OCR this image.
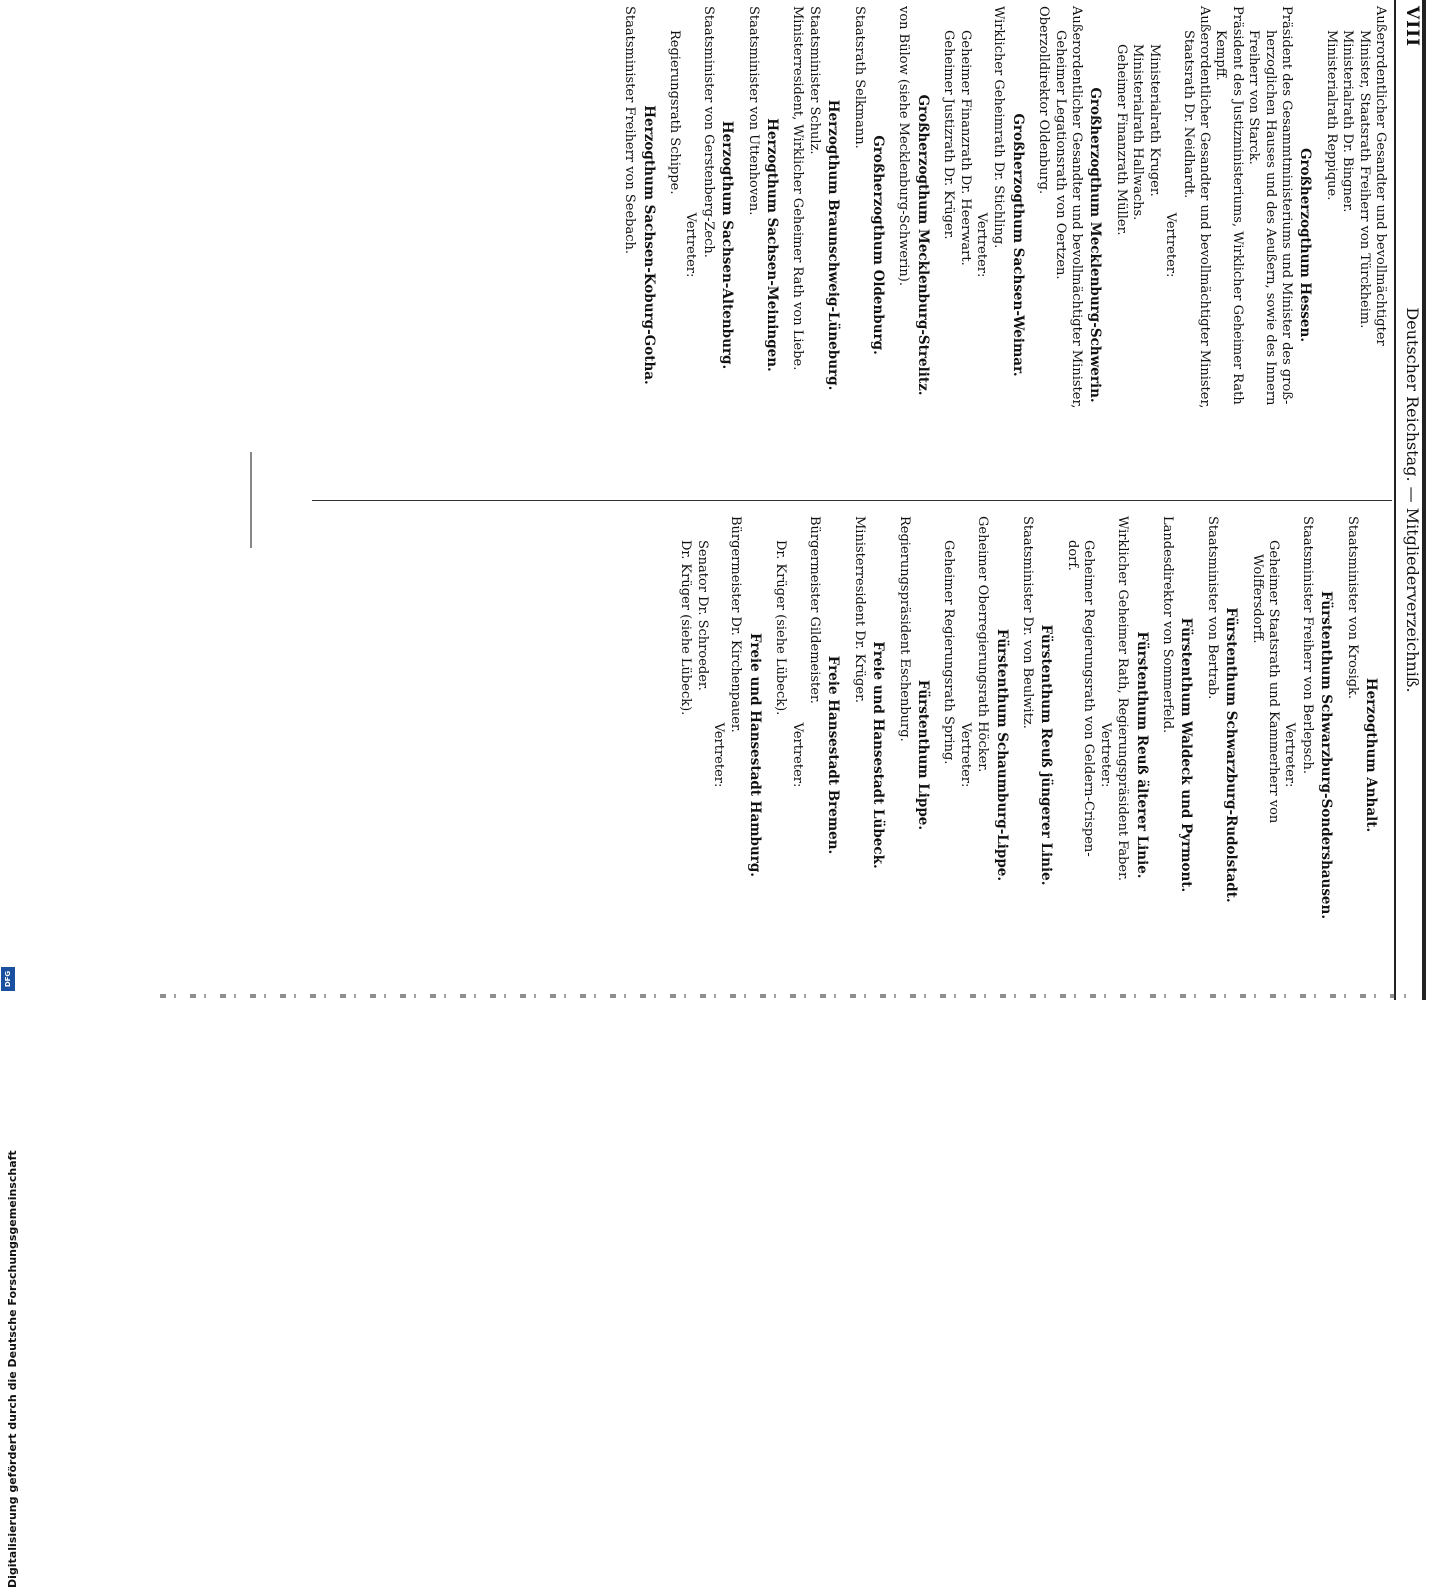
VIII
Deutscher Reichstag. — Mitgliederverzeichniß.
Außerordentlicher Gesandter und bevollmächtigter
Minister, Staatsrath Freiherr von Türckheim.
Ministerialrath Dr. Bingner.
Ministerialrath Reppique.
Großherzogthum Hessen.
Präsident des Gesammtministeriums und Minister des groß-
herzoglichen Hauses und des Aeußern, sowie des Innern
Freiherr von Starck.
Präsident des Justizministeriums, Wirklicher Geheimer Rath
Kempff.
Außerordentlicher Gesandter und bevollmächtigter Minister,
Staatsrath Dr. Neidhardt.
Vertreter:
Ministerialrath Kruger.
Ministerialrath Hallwachs.
Geheimer Finanzrath Müller.
Großherzogthum Mecklenburg-Schwerin.
Außerordentlicher Gesandter und bevollmächtigter Minister,
Geheimer Legationsrath von Oertzen.
Oberzolldirektor Oldenburg.
Großherzogthum Sachsen-Weimar.
Wirklicher Geheimrath Dr. Stichling.
Vertreter:
Geheimer Finanzrath Dr. Heerwart.
Geheimer Justizrath Dr. Krüger.
Großherzogthum Mecklenburg-Strelitz.
von Bülow (siehe Mecklenburg-Schwerin).
Großherzogthum Oldenburg.
Staatsrath Selkmann.
Herzogthum Braunschweig-Lüneburg.
Staatsminister Schulz.
Ministerresident, Wirklicher Geheimer Rath von Liebe.
Herzogthum Sachsen-Meiningen.
Staatsminister von Uttenhoven.
Herzogthum Sachsen-Altenburg.
Staatsminister von Gerstenberg-Zech.
Vertreter:
Regierungsrath Schippe.
Herzogthum Sachsen-Koburg-Gotha.
Staatsminister Freiherr von Seebach.
Herzogthum Anhalt.
Staatsminister von Krosigk.
Fürstenthum Schwarzburg-Sondershausen.
Staatsminister Freiherr von Berlepsch.
Vertreter:
Geheimer Staatsrath und Kammerherr von
Wolffersdorff.
Fürstenthum Schwarzburg-Rudolstadt.
Staatsminister von Bertrab.
Fürstenthum Waldeck und Pyrmont.
Landesdirektor von Sommerfeld.
Fürstenthum Reuß älterer Linie.
Wirklicher Geheimer Rath, Regierungspräsident Faber.
Vertreter:
Geheimer Regierungsrath von Geldern-Crispen-
dorf.
Fürstenthum Reuß jüngerer Linie.
Staatsminister Dr. von Beulwitz.
Fürstenthum Schaumburg-Lippe.
Geheimer Oberregierungsrath Höcker.
Vertreter:
Geheimer Regierungsrath Spring.
Fürstenthum Lippe.
Regierungspräsident Eschenburg.
Freie und Hansestadt Lübeck.
Ministerresident Dr. Krüger.
Freie Hansestadt Bremen.
Bürgermeister Gildemeister.
Vertreter:
Dr. Krüger (siehe Lübeck).
Freie und Hansestadt Hamburg.
Bürgermeister Dr. Kirchenpauer.
Vertreter:
Senator Dr. Schroeder.
Dr. Krüger (siehe Lübeck).
Digitalisierung gefördert durch die Deutsche Forschungsgemeinschaft
DFG
